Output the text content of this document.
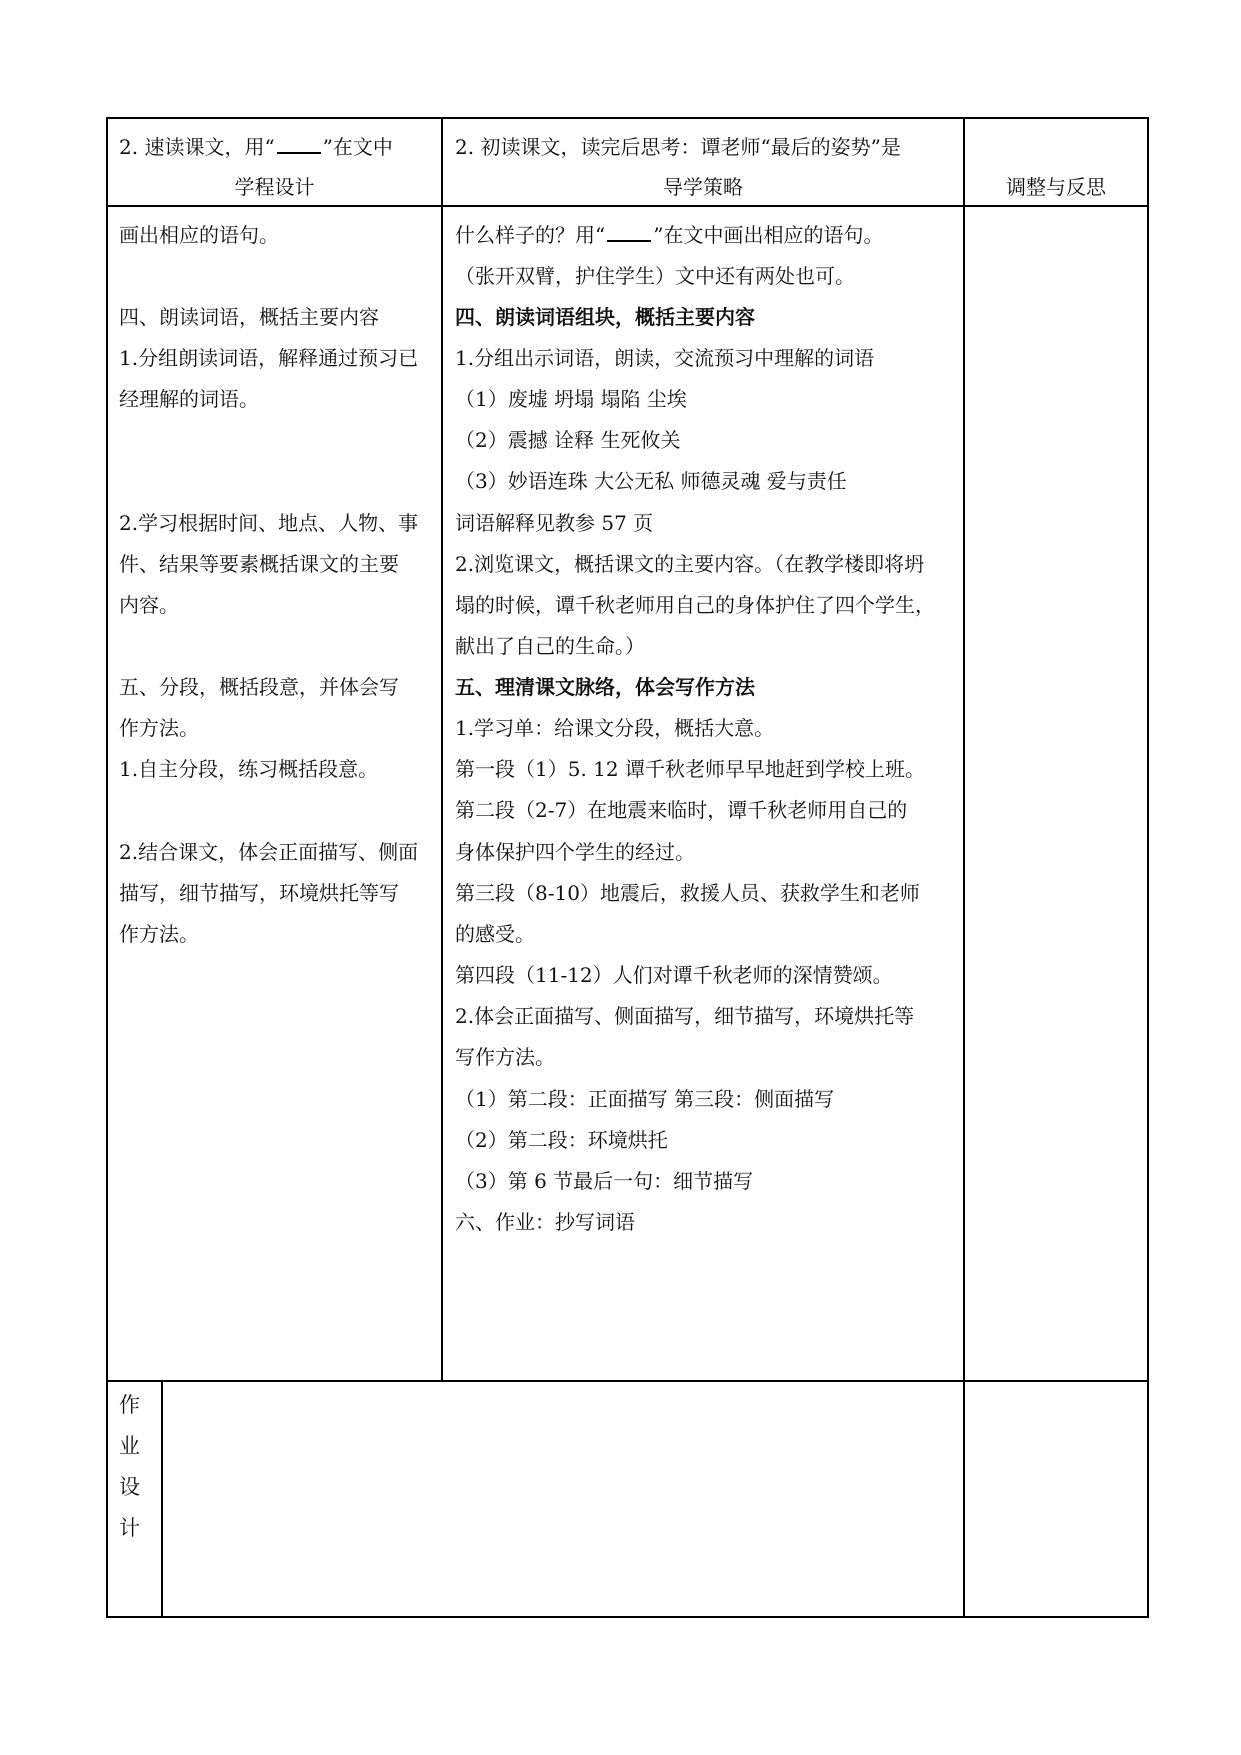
2. 速读课文，用“ ”在文中
学程设计
2. 初读课文，读完后思考：谭老师“最后的姿势”是
导学策略	调整与反思
画出相应的语句。
四、朗读词语，概括主要内容
1.分组朗读词语，解释通过预习已
经理解的词语。
2.学习根据时间、地点、人物、事
件、结果等要素概括课文的主要
内容。
五、分段，概括段意，并体会写
作方法。
1.自主分段，练习概括段意。
2.结合课文，体会正面描写、侧面
描写，细节描写，环境烘托等写
作方法。
什么样子的？用“ ”在文中画出相应的语句。
（张开双臂，护住学生）文中还有两处也可。
四、朗读词语组块，概括主要内容
1.分组出示词语，朗读，交流预习中理解的词语
（1）废墟 坍塌 塌陷 尘埃
（2）震撼 诠释 生死攸关
（3）妙语连珠 大公无私 师德灵魂 爱与责任
词语解释见教参 57 页
2.浏览课文，概括课文的主要内容。（在教学楼即将坍
塌的时候，谭千秋老师用自己的身体护住了四个学生，
献出了自己的生命。）
五、理清课文脉络，体会写作方法
1.学习单：给课文分段，概括大意。
第一段（1）5. 12 谭千秋老师早早地赶到学校上班。
第二段（2-7）在地震来临时，谭千秋老师用自己的
身体保护四个学生的经过。
第三段（8-10）地震后，救援人员、获救学生和老师
的感受。
第四段（11-12）人们对谭千秋老师的深情赞颂。
2.体会正面描写、侧面描写，细节描写，环境烘托等
写作方法。
（1）第二段：正面描写 第三段：侧面描写
（2）第二段：环境烘托
（3）第 6 节最后一句：细节描写
六、作业：抄写词语
作
业
设
计
